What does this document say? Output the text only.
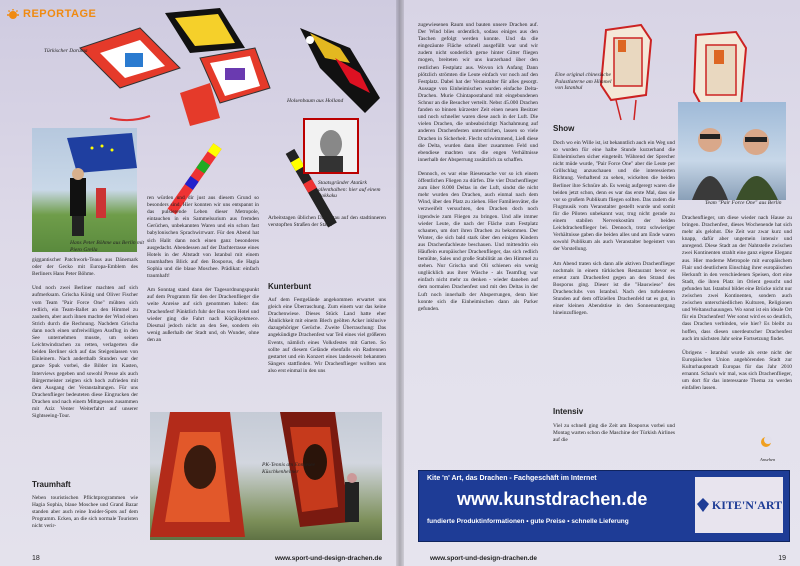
REPORTAGE
Türkischer Daruma
Holsenbaum aus Holland
Staatsgründer Atatürk allenthalben: hier auf einem Rokkaku
Hans Peter Böhme aus Berlin mit Piero Grella
giggantischer Patchwork-Teaus aus Dänemark oder der Gecko mit Europa-Emblem des Berliners Hans Peter Böhme.

Und noch zwei Berliner machten auf sich aufmerksam. Grischa König und Oliver Fischer vom Team "Pair Force One" mühten sich redlich, ein Team-Ballet an den Himmel zu zaubern, aber auch ihnen machte der Wind einen Strich durch die Rechnung. Nachdem Grischa dann noch einen unfreiwilligen Ausflug in den See unternehmen musste, um seinen Leichtwindrachen zu retten, verlagerten die beiden Berliner sich auf das Steigenlassen von Einleinern. Nach anderthalb Stunden war der ganze Spuk vorbei, die Bilder im Kasten, Interviews gegeben und sowohl Presse als auch Bürgermeister zeigten sich hoch zufrieden mit dem Ausgang der Veranstaltungen. Für uns Drachenflieger bedeuteten diese Eingrucken der Drachen und nach einem Mittagessen zusammen mit Aziz Venter Weiterfahrt auf unserer Sightseeing-Tour.
Traumhaft
Neben touristischen Pflichtprogrammen wie Hagia Sophia, blaue Moschee und Grand Bazar standen aber auch reine Insider-Spots auf dem Programm. Ecken, an die sich normale Touristen nicht verir-
ren würden und dir just aus diesem Grund so besonders sind. Hier konnten wir uns entspannt in das pulsierende Leben dieser Metropole, eintauchen in ein Sammelsurium aus fremden Gerüchen, unbekannten Waren und ein schon fast babylonischen Sprachwirrwarr. Für den Abend hat sich Halit dann noch einen ganz besonderes ausgedacht. Abendessen auf der Dachterrasse eines Hotels in der Altstadt von Istanbul mit einem traumhaften Blick auf den Bosporus, die Hagia Sophia und die blaue Moschee. Prädikat: einfach traumhaft!

Am Sonntag stand dann der Tagesordnungspunkt auf dem Programm für den der Drachenflieger die weite Anreise auf sich genommen haben: das Drachenfest! Pünktlich fuhr der Bus vom Hotel und wieder ging die Fahrt nach Küçükçekmece. Diesmal jedoch nicht an den See, sondern ein wenig außerhalb der Stadt und, oh Wunder, ohne den an
Arbeitstagen üblichen Dauerstau auf den stadtinneren verstopften Straßen der Stadt.
Kunterbunt
Auf dem Festgelände angekommen erwartet uns gleich eine Überraschung. Zum einem war das keine Drachenwiese. Dieses Stück Land hatte eher Ähnlichkeit mit einem Blech geölten Acker inklusive dazugehöriger Gerüche. Zweite Überraschung: Das angekündigte Drachenfest war Teil eines viel größeren Events, nämlich eines Volksfestes mit Garten. So sollte auf diesem Gelände ebenfalls ein Radrennen gestartet und ein Konzert eines landesweit bekannten Sängers stattfinden. Wir Drachenflieger wollten uns also erst einmal in den uns
PK-Tennis am Ennsesee Küschkenheimer
18	www.sport-und-design-drachen.de
zugewiesenen Raum und bauten unsere Drachen auf. Der Wind blies ordentlich, sodass einiges aus den Taschen gefolgt werden konnte. Und da die eingezäunte Fläche schnell ausgefüllt war und wir zudem nicht sonderlich gerne hinter Gitter fliegen mogen, breiteten wir uns kurzerhand über den restlichen Festplatz aus. Wovon ich Anfang Dann plötzlich strömten die Leute einfach vor noch auf den Festplatz. Dabei hat der Veranstalter für alles gesorgt. Aussage von Einheimischen wurden einfache Delta-Drachen. Murie Chintapostahand mit eingebundenen Schnur an die Besucher verteilt. Nebst 45.000 Drachen fanden so binnen kürzester Zeit einen neuen Besitzer und noch schneller waren diese auch in der Luft. Die vielen Drachen, die unbeabsichtigt Nachahmung auf anderen Drachenfesten unterstrichen, lassen so viele Drachen in Sicherheit. Flecht schwimmend, Ließ diese die Delta, wurden dann über zusammen Feld und ebendiese machten uns die engen Verhältnisse innerhalb der Absperrung zusätzlich zu schaffen.

Dennoch, es war eine Riesensache vor so ich einem öffentlichen Fliegen zu dürfen. Die vier Drachenflieger zum über 8.000 Deltas in der Luft, sindst die nicht mehr wurden den Drachen, auch einmal nach dem Wind, über den Platz zu ziehen. Hier Familienväter, die verzweifelt versuchten, den Drachen doch noch irgendwie zum Fliegen zu bringen. Und alle immer wieder Leute, die nach der Fläche zum Festplatz schauten, um dort ihren Drachen zu bekommen. Der Winter, die sich bald stark über den einigen Kindern aus Drachenfachleute beschauen. Und mittendrin ein Häuflein europäischer Drachenflieger, das sich redlich bemühte, Sales und große Stabilität an den Himmel zu stehen. Nur Grischa und Oli schienen ein wenig unglücklich aus ihrer Wäsche - als Teamflug war einfach nicht mehr zu denken - wieder daneben auf dem normalen Drachenfest und mit den Deltas in der Luft noch innerhalb der Absperrungen, denn hier konnte sich die Einheimischen dann als Parker gefunden.
Eine original chinesische Palastlaterne am Himmel von Istanbul
Show
Doch wo ein Wille ist, ist bekanntlich auch ein Weg und so wurden für eine halbe Stunde kurzerhand die Einheimischen sicher eingeteilt. Während der Sprecher nicht müde wurde, "Pair Force One" aber die Leute per Grillschlag anzuschauen und die interessierten Richtung. Verhaftend zu sehen, wickelten die beiden Berliner ihre Schnüre ab. Es wenig aufgeregt waren die beiden jetzt schon, denn es war das erste Mal, dass sie vor so großem Publikum fliegen sollten. Das zudem die Flugmusik vom Veranstalter gestellt wurde und somit für die Piloten unbekannt war, trug nicht gerade zu einem stabilen Nervenkostüm der beiden Leichdrachenflieger bei. Dennoch, trotz schwieriger Verhältnisse gaben die beiden alles und am Ende waren sowohl Publikum als auch Veranstalter begeistert von der Vorstellung.

Am Abend traten sich dann alle aktiven Drachenflieger nochmals in einem türkischen Restaurant bevor es erneut zum Drachenfest gegen an den Strand des Bosporus ging. Dieser ist die "Hauswiese" des Drachenclubs von Istanbul. Nach den turbulenten Stunden auf dem offiziellen Drachenfeld tat es gut, in einer kleinen Abendstise in den Sonnenuntergang hineinzufliegen.
Intensiv
Viel zu schnell ging die Zeit am Bosporus vorbei und Montag warten schon die Maschine der Türkish Airlines auf die
Team "Pair Force One" aus Berlin
Drachenflieger, um diese wieder nach Hause zu bringen. Drachenfest, dieses Wochenende hat sich mehr als gelohnt. Die Zeit war zwar kurz und knapp, dafür aber ungemein intensiv und anregend. Diese Stadt an der Nahtstelle zwischen zwei Kontinenten strahlt eine ganz eigene Eleganz aus. Hier moderne Metropole mit europäischem Flair und deutlichem Einschlag ihrer europäischen Herkunft in den verschiedenen Speisen, dort eine Stadt, die ihren Platz im Orient gesucht und gefunden hat. Istanbul bildet eine Brücke nicht nur zwischen zwei Kontinenten, sondern auch zwischen unterschiedlichen Kulturen, Religionen und Weltanschauungen. Wo sonst ist ein ideale Ort für ein Drachenfest! Wer sonst wird es so deutlich, dass Drachen verbinden, wie hier? Es bleibt zu hoffen, dass diesen unerdeutscher Drachenfest auch im nächsten Jahr seine Fortsetzung findet.

Übrigens - Istanbul wurde als erste nicht der Europäischen Union angehörenden Stadt zur Kulturhauptstadt Europas für das Jahr 2010 ernannt. Schau's wir mal, was sich Drachenflieger, um dort für das interessante Thema zu werden einfallen lassen.
Ansehen
Kite 'n' Art, das Drachen - Fachgeschäft im Internet
www.kunstdrachen.de
fundierte Produktinformationen • gute Preise • schnelle Lieferung
KITE'N'ART
www.sport-und-design-drachen.de	19
